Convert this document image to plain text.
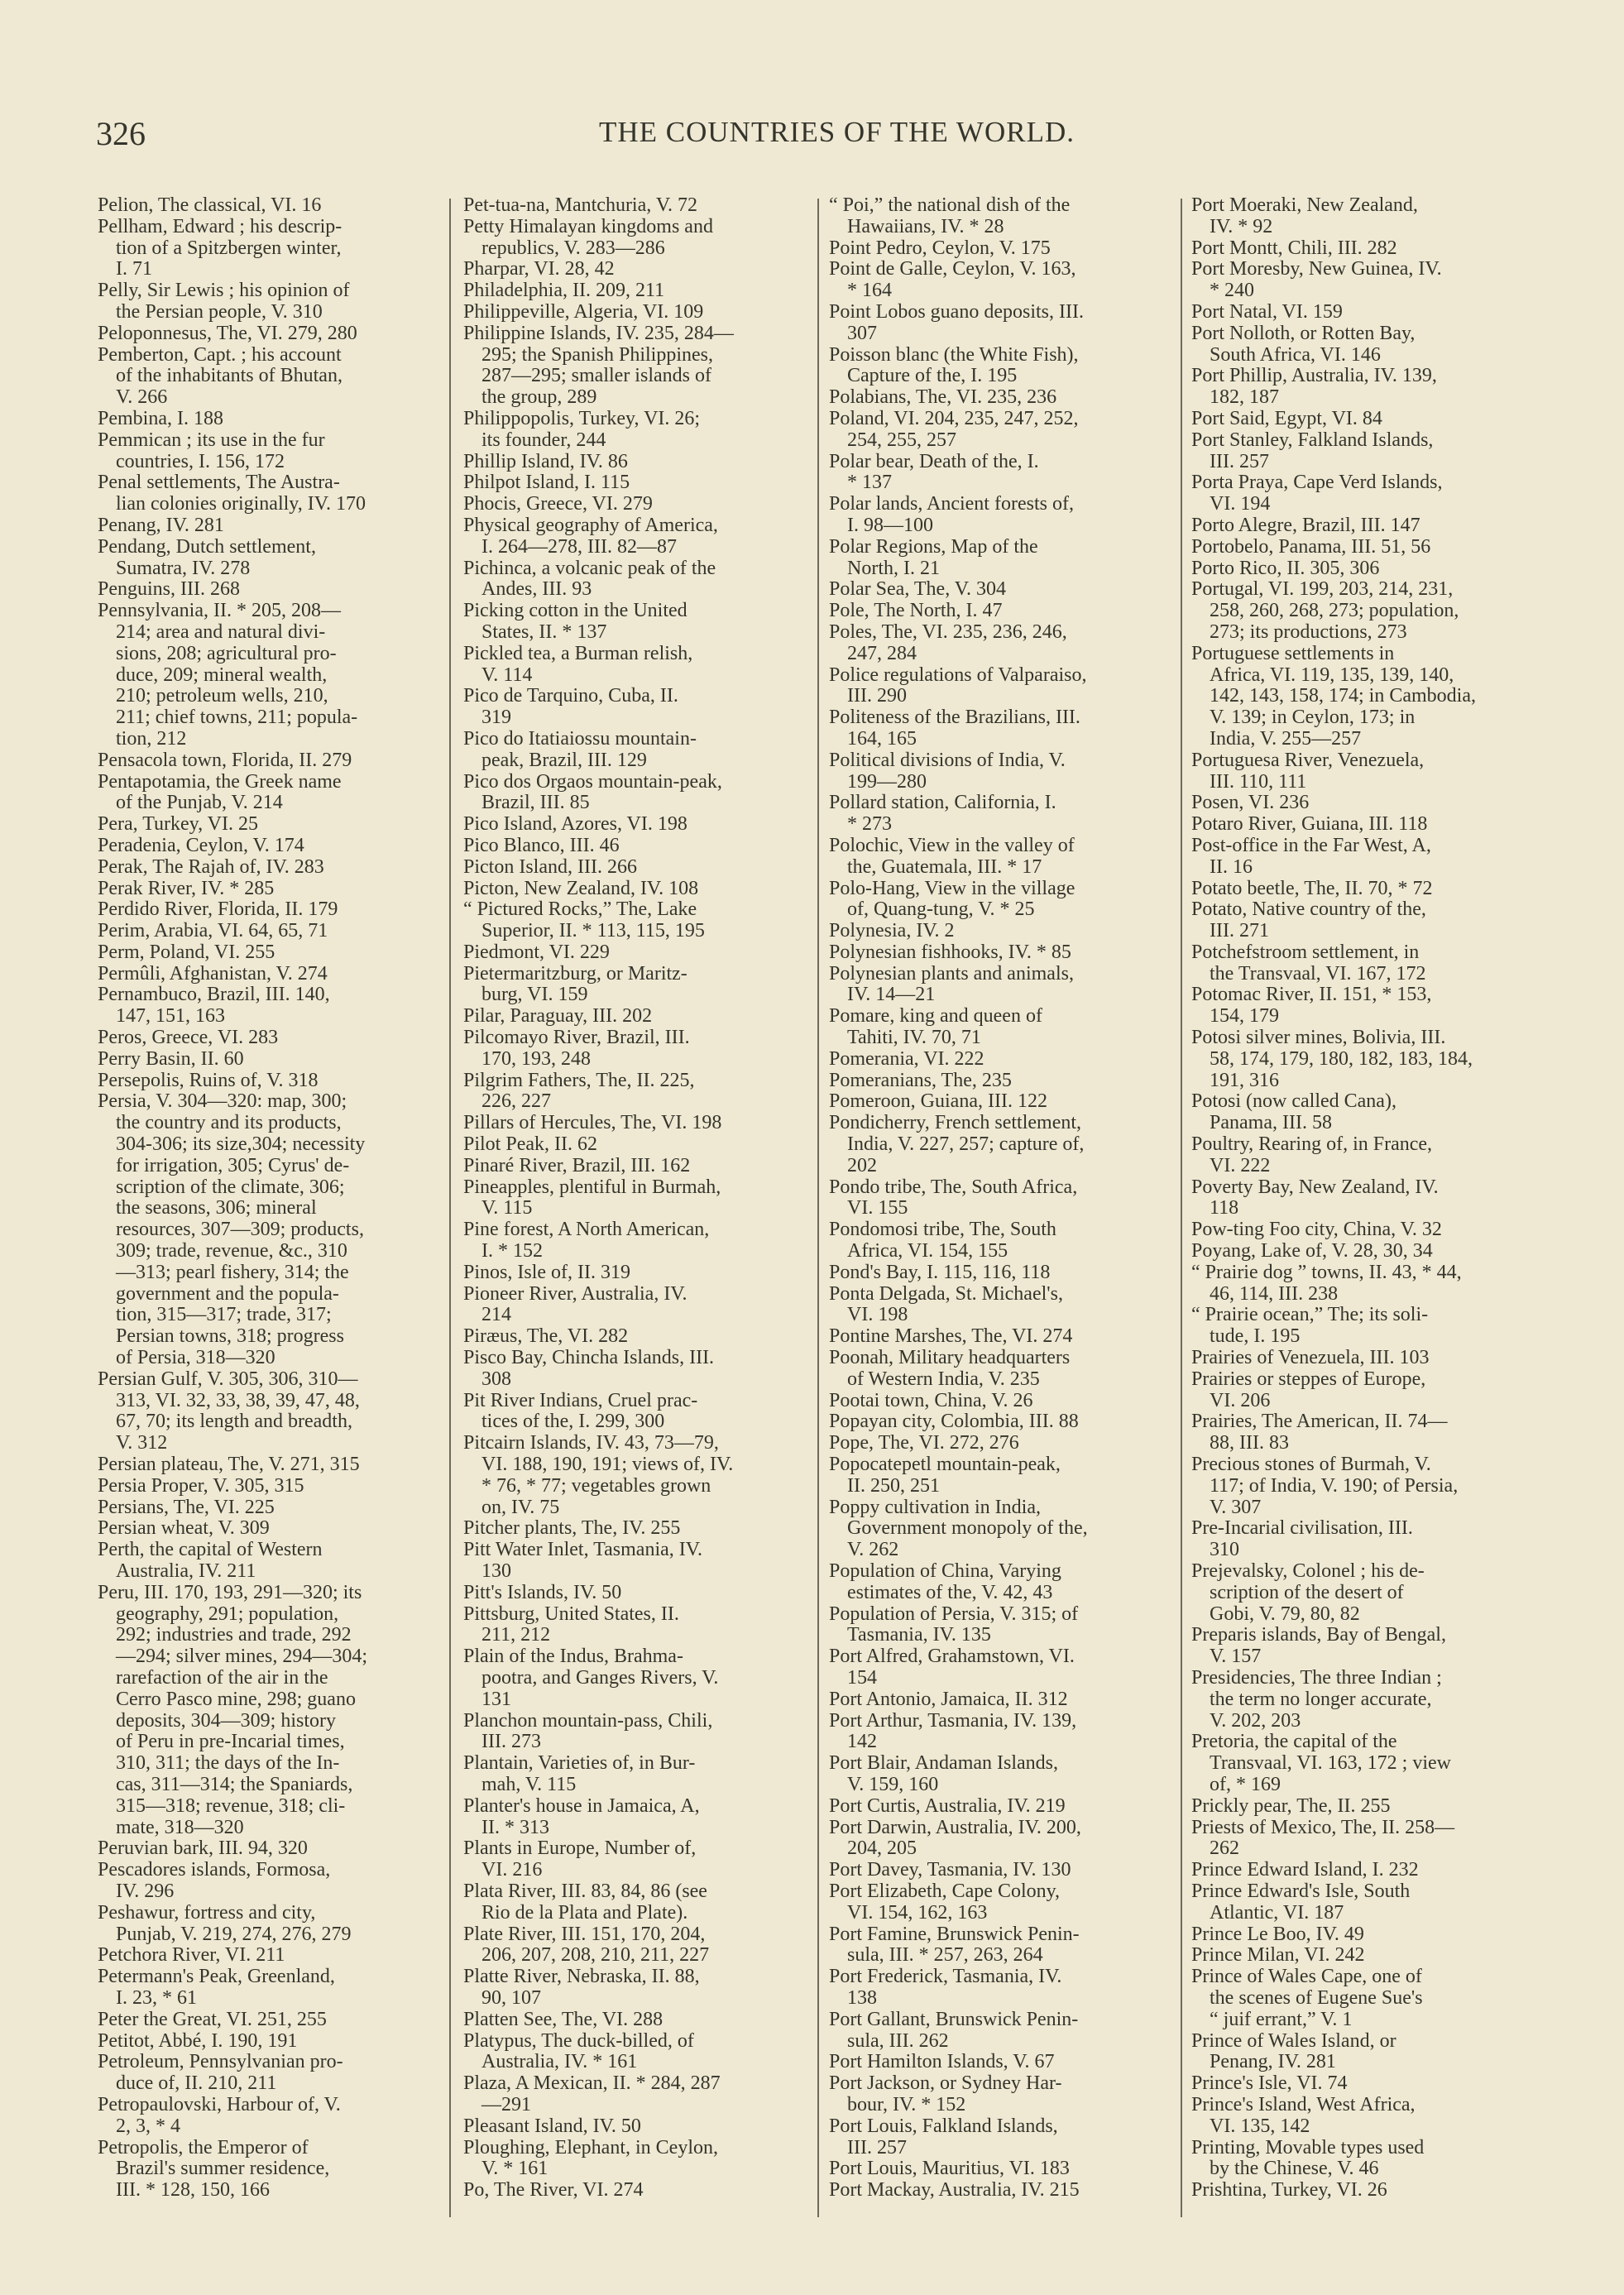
326	THE COUNTRIES OF THE WORLD.
Pelion, The classical, VI. 16
Pellham, Edward ; his descrip-
tion of a Spitzbergen winter,
I. 71
Pelly, Sir Lewis ; his opinion of
the Persian people, V. 310
Peloponnesus, The, VI. 279, 280
Pemberton, Capt. ; his account
of the inhabitants of Bhutan,
V. 266
Pembina, I. 188
Pemmican ; its use in the fur
countries, I. 156, 172
Penal settlements, The Austra-
lian colonies originally, IV. 170
Penang, IV. 281
Pendang, Dutch settlement,
Sumatra, IV. 278
Penguins, III. 268
Pennsylvania, II. * 205, 208—
214; area and natural divi-
sions, 208; agricultural pro-
duce, 209; mineral wealth,
210; petroleum wells, 210,
211; chief towns, 211; popula-
tion, 212
Pensacola town, Florida, II. 279
Pentapotamia, the Greek name
of the Punjab, V. 214
Pera, Turkey, VI. 25
Peradenia, Ceylon, V. 174
Perak, The Rajah of, IV. 283
Perak River, IV. * 285
Perdido River, Florida, II. 179
Perim, Arabia, VI. 64, 65, 71
Perm, Poland, VI. 255
Permûli, Afghanistan, V. 274
Pernambuco, Brazil, III. 140,
147, 151, 163
Peros, Greece, VI. 283
Perry Basin, II. 60
Persepolis, Ruins of, V. 318
Persia, V. 304—320: map, 300;
the country and its products,
304-306; its size,304; necessity
for irrigation, 305; Cyrus' de-
scription of the climate, 306;
the seasons, 306; mineral
resources, 307—309; products,
309; trade, revenue, &c., 310
—313; pearl fishery, 314; the
government and the popula-
tion, 315—317; trade, 317;
Persian towns, 318; progress
of Persia, 318—320
Persian Gulf, V. 305, 306, 310—
313, VI. 32, 33, 38, 39, 47, 48,
67, 70; its length and breadth,
V. 312
Persian plateau, The, V. 271, 315
Persia Proper, V. 305, 315
Persians, The, VI. 225
Persian wheat, V. 309
Perth, the capital of Western
Australia, IV. 211
Peru, III. 170, 193, 291—320; its
geography, 291; population,
292; industries and trade, 292
—294; silver mines, 294—304;
rarefaction of the air in the
Cerro Pasco mine, 298; guano
deposits, 304—309; history
of Peru in pre-Incarial times,
310, 311; the days of the In-
cas, 311—314; the Spaniards,
315—318; revenue, 318; cli-
mate, 318—320
Peruvian bark, III. 94, 320
Pescadores islands, Formosa,
IV. 296
Peshawur, fortress and city,
Punjab, V. 219, 274, 276, 279
Petchora River, VI. 211
Petermann's Peak, Greenland,
I. 23, * 61
Peter the Great, VI. 251, 255
Petitot, Abbé, I. 190, 191
Petroleum, Pennsylvanian pro-
duce of, II. 210, 211
Petropaulovski, Harbour of, V.
2, 3, * 4
Petropolis, the Emperor of
Brazil's summer residence,
III. * 128, 150, 166
Pet-tua-na, Mantchuria, V. 72
Petty Himalayan kingdoms and
republics, V. 283—286
Pharpar, VI. 28, 42
Philadelphia, II. 209, 211
Philippeville, Algeria, VI. 109
Philippine Islands, IV. 235, 284—
295; the Spanish Philippines,
287—295; smaller islands of
the group, 289
Philippopolis, Turkey, VI. 26;
its founder, 244
Phillip Island, IV. 86
Philpot Island, I. 115
Phocis, Greece, VI. 279
Physical geography of America,
I. 264—278, III. 82—87
Pichinca, a volcanic peak of the
Andes, III. 93
Picking cotton in the United
States, II. * 137
Pickled tea, a Burman relish,
V. 114
Pico de Tarquino, Cuba, II.
319
Pico do Itatiaiossu mountain-
peak, Brazil, III. 129
Pico dos Orgaos mountain-peak,
Brazil, III. 85
Pico Island, Azores, VI. 198
Pico Blanco, III. 46
Picton Island, III. 266
Picton, New Zealand, IV. 108
“ Pictured Rocks,” The, Lake
Superior, II. * 113, 115, 195
Piedmont, VI. 229
Pietermaritzburg, or Maritz-
burg, VI. 159
Pilar, Paraguay, III. 202
Pilcomayo River, Brazil, III.
170, 193, 248
Pilgrim Fathers, The, II. 225,
226, 227
Pillars of Hercules, The, VI. 198
Pilot Peak, II. 62
Pinaré River, Brazil, III. 162
Pineapples, plentiful in Burmah,
V. 115
Pine forest, A North American,
I. * 152
Pinos, Isle of, II. 319
Pioneer River, Australia, IV.
214
Piræus, The, VI. 282
Pisco Bay, Chincha Islands, III.
308
Pit River Indians, Cruel prac-
tices of the, I. 299, 300
Pitcairn Islands, IV. 43, 73—79,
VI. 188, 190, 191; views of, IV.
* 76, * 77; vegetables grown
on, IV. 75
Pitcher plants, The, IV. 255
Pitt Water Inlet, Tasmania, IV.
130
Pitt's Islands, IV. 50
Pittsburg, United States, II.
211, 212
Plain of the Indus, Brahma-
pootra, and Ganges Rivers, V.
131
Planchon mountain-pass, Chili,
III. 273
Plantain, Varieties of, in Bur-
mah, V. 115
Planter's house in Jamaica, A,
II. * 313
Plants in Europe, Number of,
VI. 216
Plata River, III. 83, 84, 86 (see
Rio de la Plata and Plate).
Plate River, III. 151, 170, 204,
206, 207, 208, 210, 211, 227
Platte River, Nebraska, II. 88,
90, 107
Platten See, The, VI. 288
Platypus, The duck-billed, of
Australia, IV. * 161
Plaza, A Mexican, II. * 284, 287
—291
Pleasant Island, IV. 50
Ploughing, Elephant, in Ceylon,
V. * 161
Po, The River, VI. 274
“ Poi,” the national dish of the
Hawaiians, IV. * 28
Point Pedro, Ceylon, V. 175
Point de Galle, Ceylon, V. 163,
* 164
Point Lobos guano deposits, III.
307
Poisson blanc (the White Fish),
Capture of the, I. 195
Polabians, The, VI. 235, 236
Poland, VI. 204, 235, 247, 252,
254, 255, 257
Polar bear, Death of the, I.
* 137
Polar lands, Ancient forests of,
I. 98—100
Polar Regions, Map of the
North, I. 21
Polar Sea, The, V. 304
Pole, The North, I. 47
Poles, The, VI. 235, 236, 246,
247, 284
Police regulations of Valparaiso,
III. 290
Politeness of the Brazilians, III.
164, 165
Political divisions of India, V.
199—280
Pollard station, California, I.
* 273
Polochic, View in the valley of
the, Guatemala, III. * 17
Polo-Hang, View in the village
of, Quang-tung, V. * 25
Polynesia, IV. 2
Polynesian fishhooks, IV. * 85
Polynesian plants and animals,
IV. 14—21
Pomare, king and queen of
Tahiti, IV. 70, 71
Pomerania, VI. 222
Pomeranians, The, 235
Pomeroon, Guiana, III. 122
Pondicherry, French settlement,
India, V. 227, 257; capture of,
202
Pondo tribe, The, South Africa,
VI. 155
Pondomosi tribe, The, South
Africa, VI. 154, 155
Pond's Bay, I. 115, 116, 118
Ponta Delgada, St. Michael's,
VI. 198
Pontine Marshes, The, VI. 274
Poonah, Military headquarters
of Western India, V. 235
Pootai town, China, V. 26
Popayan city, Colombia, III. 88
Pope, The, VI. 272, 276
Popocatepetl mountain-peak,
II. 250, 251
Poppy cultivation in India,
Government monopoly of the,
V. 262
Population of China, Varying
estimates of the, V. 42, 43
Population of Persia, V. 315; of
Tasmania, IV. 135
Port Alfred, Grahamstown, VI.
154
Port Antonio, Jamaica, II. 312
Port Arthur, Tasmania, IV. 139,
142
Port Blair, Andaman Islands,
V. 159, 160
Port Curtis, Australia, IV. 219
Port Darwin, Australia, IV. 200,
204, 205
Port Davey, Tasmania, IV. 130
Port Elizabeth, Cape Colony,
VI. 154, 162, 163
Port Famine, Brunswick Penin-
sula, III. * 257, 263, 264
Port Frederick, Tasmania, IV.
138
Port Gallant, Brunswick Penin-
sula, III. 262
Port Hamilton Islands, V. 67
Port Jackson, or Sydney Har-
bour, IV. * 152
Port Louis, Falkland Islands,
III. 257
Port Louis, Mauritius, VI. 183
Port Mackay, Australia, IV. 215
Port Moeraki, New Zealand,
IV. * 92
Port Montt, Chili, III. 282
Port Moresby, New Guinea, IV.
* 240
Port Natal, VI. 159
Port Nolloth, or Rotten Bay,
South Africa, VI. 146
Port Phillip, Australia, IV. 139,
182, 187
Port Said, Egypt, VI. 84
Port Stanley, Falkland Islands,
III. 257
Porta Praya, Cape Verd Islands,
VI. 194
Porto Alegre, Brazil, III. 147
Portobelo, Panama, III. 51, 56
Porto Rico, II. 305, 306
Portugal, VI. 199, 203, 214, 231,
258, 260, 268, 273; population,
273; its productions, 273
Portuguese settlements in
Africa, VI. 119, 135, 139, 140,
142, 143, 158, 174; in Cambodia,
V. 139; in Ceylon, 173; in
India, V. 255—257
Portuguesa River, Venezuela,
III. 110, 111
Posen, VI. 236
Potaro River, Guiana, III. 118
Post-office in the Far West, A,
II. 16
Potato beetle, The, II. 70, * 72
Potato, Native country of the,
III. 271
Potchefstroom settlement, in
the Transvaal, VI. 167, 172
Potomac River, II. 151, * 153,
154, 179
Potosi silver mines, Bolivia, III.
58, 174, 179, 180, 182, 183, 184,
191, 316
Potosi (now called Cana),
Panama, III. 58
Poultry, Rearing of, in France,
VI. 222
Poverty Bay, New Zealand, IV.
118
Pow-ting Foo city, China, V. 32
Poyang, Lake of, V. 28, 30, 34
“ Prairie dog ” towns, II. 43, * 44,
46, 114, III. 238
“ Prairie ocean,” The; its soli-
tude, I. 195
Prairies of Venezuela, III. 103
Prairies or steppes of Europe,
VI. 206
Prairies, The American, II. 74—
88, III. 83
Precious stones of Burmah, V.
117; of India, V. 190; of Persia,
V. 307
Pre-Incarial civilisation, III.
310
Prejevalsky, Colonel ; his de-
scription of the desert of
Gobi, V. 79, 80, 82
Preparis islands, Bay of Bengal,
V. 157
Presidencies, The three Indian ;
the term no longer accurate,
V. 202, 203
Pretoria, the capital of the
Transvaal, VI. 163, 172 ; view
of, * 169
Prickly pear, The, II. 255
Priests of Mexico, The, II. 258—
262
Prince Edward Island, I. 232
Prince Edward's Isle, South
Atlantic, VI. 187
Prince Le Boo, IV. 49
Prince Milan, VI. 242
Prince of Wales Cape, one of
the scenes of Eugene Sue's
“ juif errant,” V. 1
Prince of Wales Island, or
Penang, IV. 281
Prince's Isle, VI. 74
Prince's Island, West Africa,
VI. 135, 142
Printing, Movable types used
by the Chinese, V. 46
Prishtina, Turkey, VI. 26
